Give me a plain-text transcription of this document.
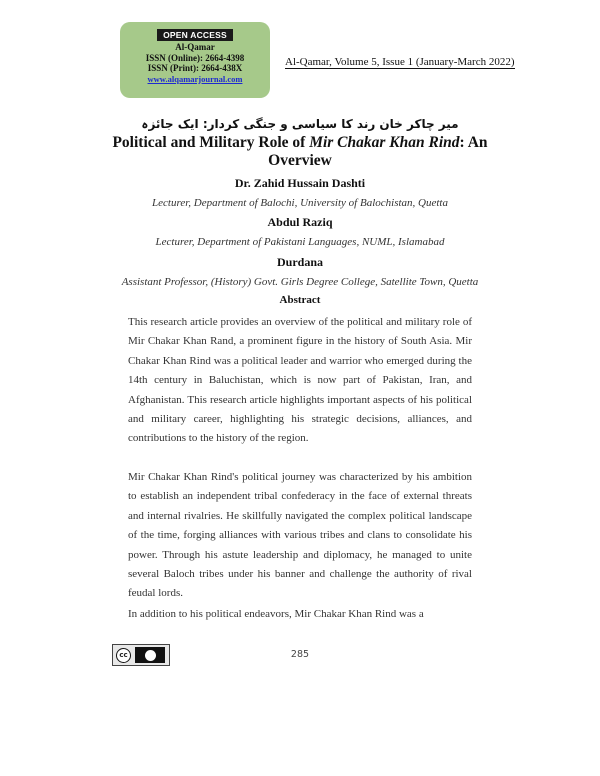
OPEN ACCESS
Al-Qamar
ISSN (Online): 2664-4398
ISSN (Print): 2664-438X
www.alqamarjournal.com
Al-Qamar, Volume 5, Issue 1 (January-March 2022)
میر چاکر خان رند کا سیاسی و جنگی کردار: ایک جائزہ
Political and Military Role of Mir Chakar Khan Rind: An Overview
Dr. Zahid Hussain Dashti
Lecturer, Department of Balochi, University of Balochistan, Quetta
Abdul Raziq
Lecturer, Department of Pakistani Languages, NUML, Islamabad
Durdana
Assistant Professor, (History) Govt. Girls Degree College, Satellite Town, Quetta
Abstract

This research article provides an overview of the political and military role of Mir Chakar Khan Rand, a prominent figure in the history of South Asia. Mir Chakar Khan Rind was a political leader and warrior who emerged during the 14th century in Baluchistan, which is now part of Pakistan, Iran, and Afghanistan. This research article highlights important aspects of his political and military career, highlighting his strategic decisions, alliances, and contributions to the history of the region.

Mir Chakar Khan Rind's political journey was characterized by his ambition to establish an independent tribal confederacy in the face of external threats and internal rivalries. He skillfully navigated the complex political landscape of the time, forging alliances with various tribes and clans to consolidate his power. Through his astute leadership and diplomacy, he managed to unite several Baloch tribes under his banner and challenge the authority of rival feudal lords.

In addition to his political endeavors, Mir Chakar Khan Rind was a

cc	285
